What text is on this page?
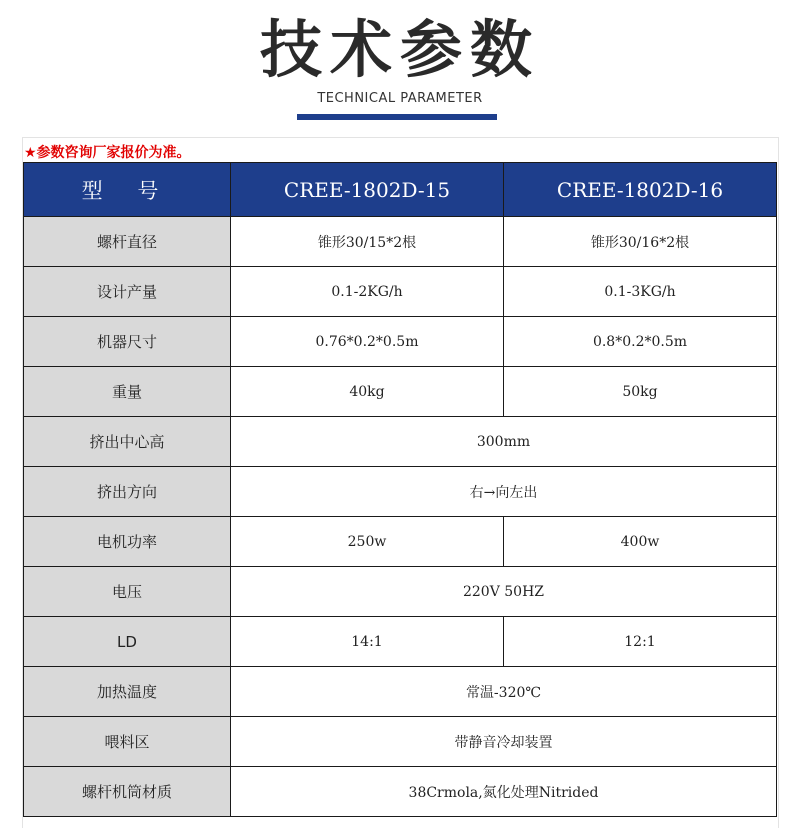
技术参数
TECHNICAL PARAMETER
★参数咨询厂家报价为准。
型 号	CREE-1802D-15	CREE-1802D-16
螺杆直径	锥形30/15*2根	锥形30/16*2根
设计产量	0.1-2KG/h	0.1-3KG/h
机器尺寸	0.76*0.2*0.5m	0.8*0.2*0.5m
重量	40kg	50kg
挤出中心高	300mm	
挤出方向	右→向左出	
电机功率	250w	400w
电压	220V 50HZ	
LD	14:1	12:1
加热温度	常温-320℃	
喂料区	带静音冷却装置	
螺杆机筒材质	38Crmola,氮化处理Nitrided	
